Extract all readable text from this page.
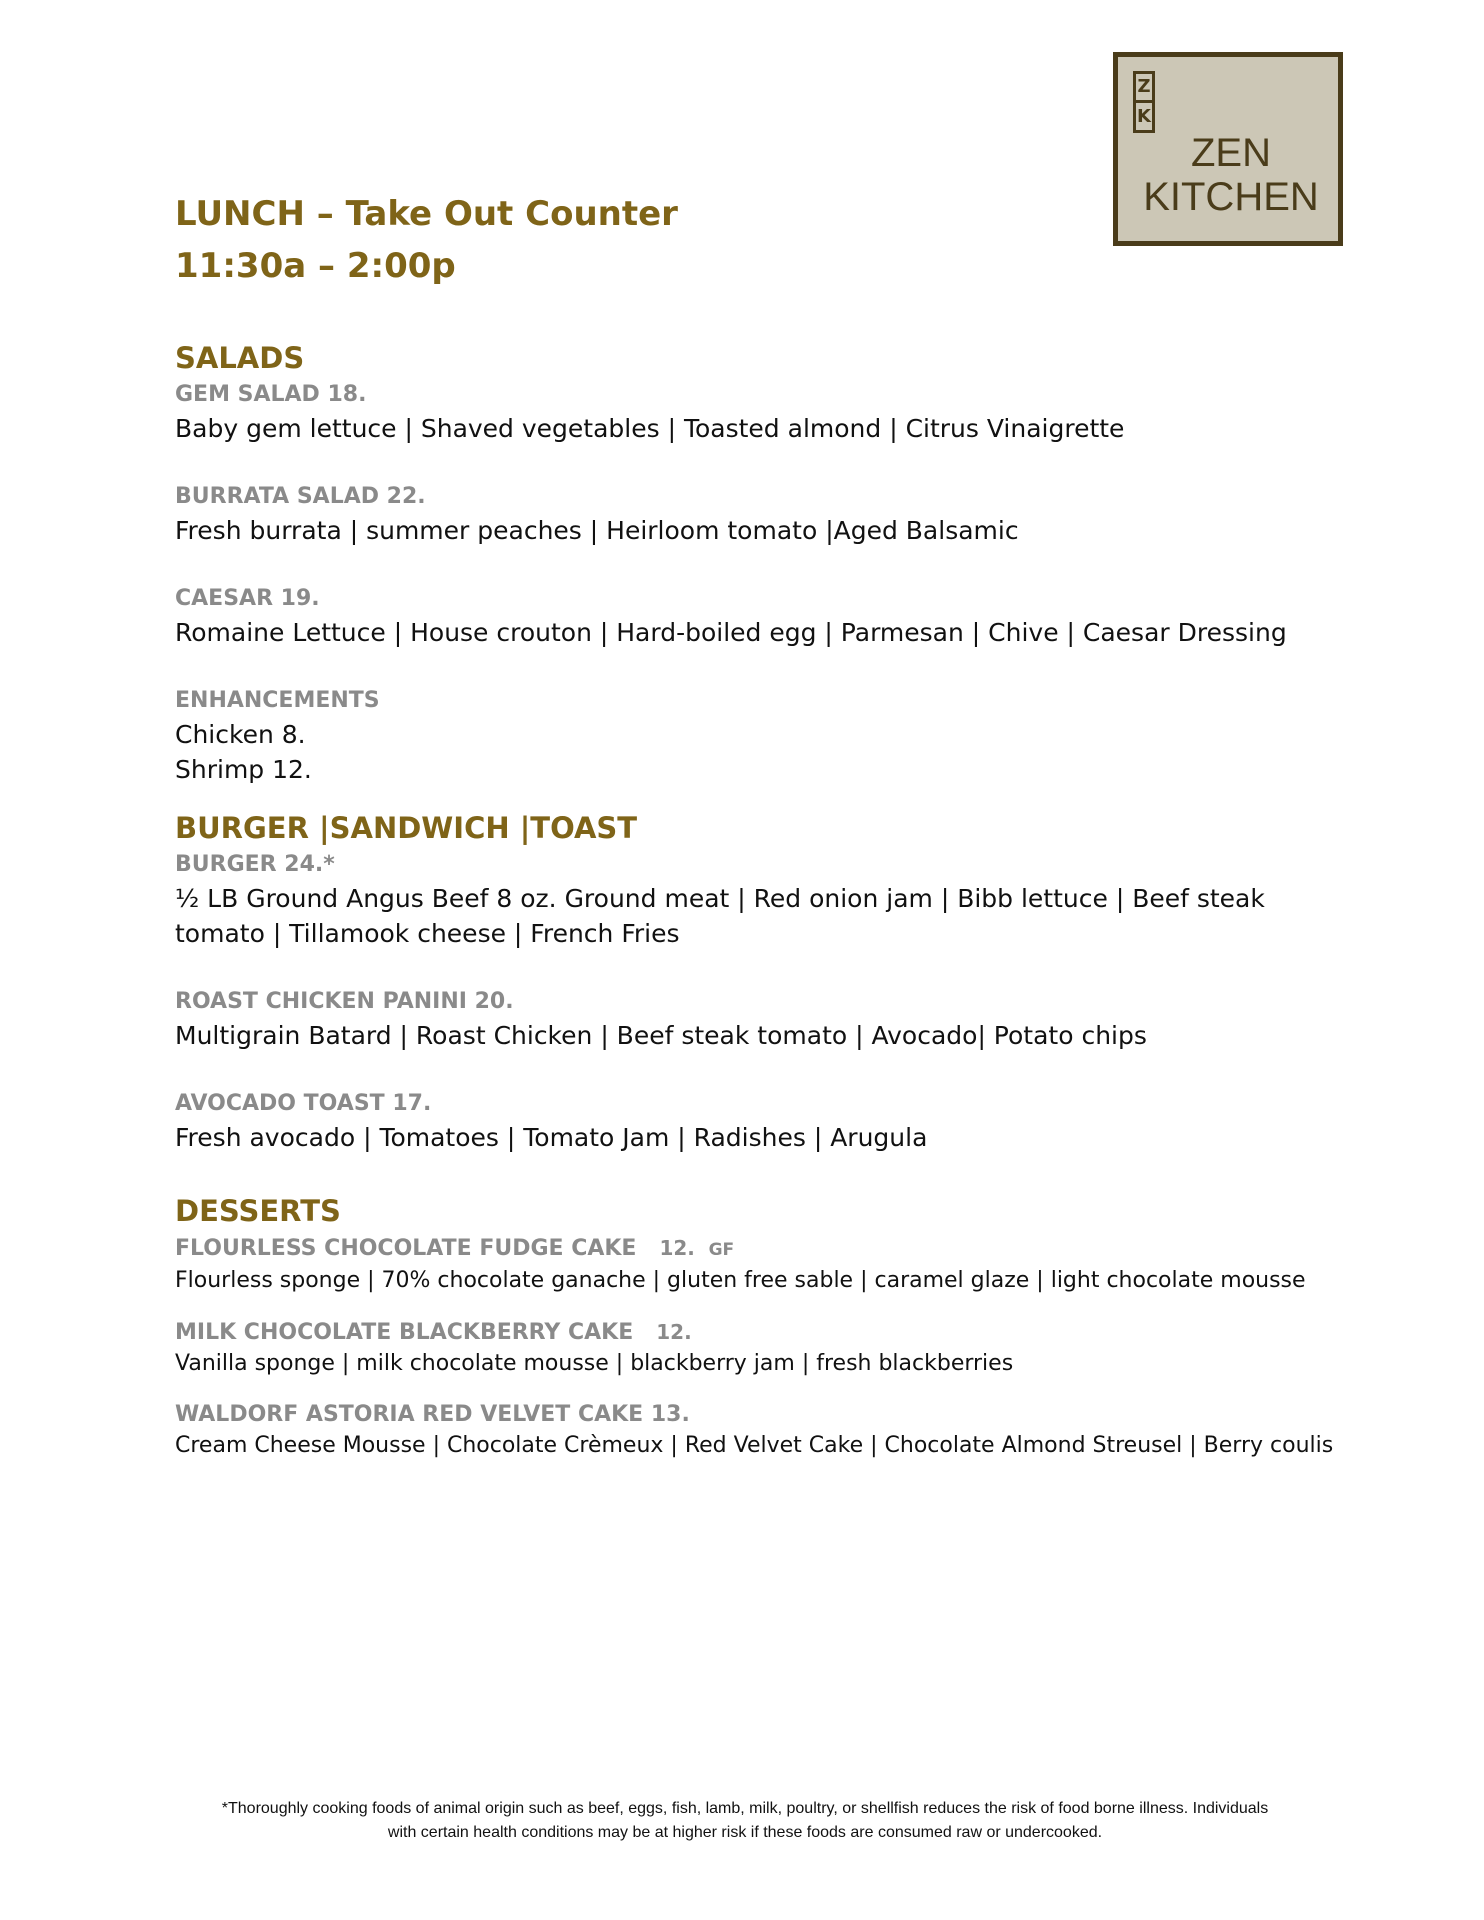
Z
K
ZEN
KITCHEN
LUNCH – Take Out Counter
11:30a – 2:00p

SALADS

GEM SALAD 18.

Baby gem lettuce | Shaved vegetables | Toasted almond | Citrus Vinaigrette

BURRATA SALAD 22.

Fresh burrata | summer peaches | Heirloom tomato |Aged Balsamic

CAESAR 19.

Romaine Lettuce | House crouton | Hard-boiled egg | Parmesan | Chive | Caesar Dressing

ENHANCEMENTS

Chicken 8.

Shrimp 12.

BURGER |SANDWICH |TOAST

BURGER 24.*

½ LB Ground Angus Beef 8 oz. Ground meat | Red onion jam | Bibb lettuce | Beef steak tomato | Tillamook cheese | French Fries

ROAST CHICKEN PANINI 20.

Multigrain Batard | Roast Chicken | Beef steak tomato | Avocado| Potato chips

AVOCADO TOAST 17.

Fresh avocado | Tomatoes | Tomato Jam | Radishes | Arugula

DESSERTS

FLOURLESS CHOCOLATE FUDGE CAKE 12. GF

Flourless sponge | 70% chocolate ganache | gluten free sable | caramel glaze | light chocolate mousse

MILK CHOCOLATE BLACKBERRY CAKE 12.

Vanilla sponge | milk chocolate mousse | blackberry jam | fresh blackberries

WALDORF ASTORIA RED VELVET CAKE 13.

Cream Cheese Mousse | Chocolate Crèmeux | Red Velvet Cake | Chocolate Almond Streusel | Berry coulis

*Thoroughly cooking foods of animal origin such as beef, eggs, fish, lamb, milk, poultry, or shellfish reduces the risk of food borne illness. Individuals
with certain health conditions may be at higher risk if these foods are consumed raw or undercooked.
